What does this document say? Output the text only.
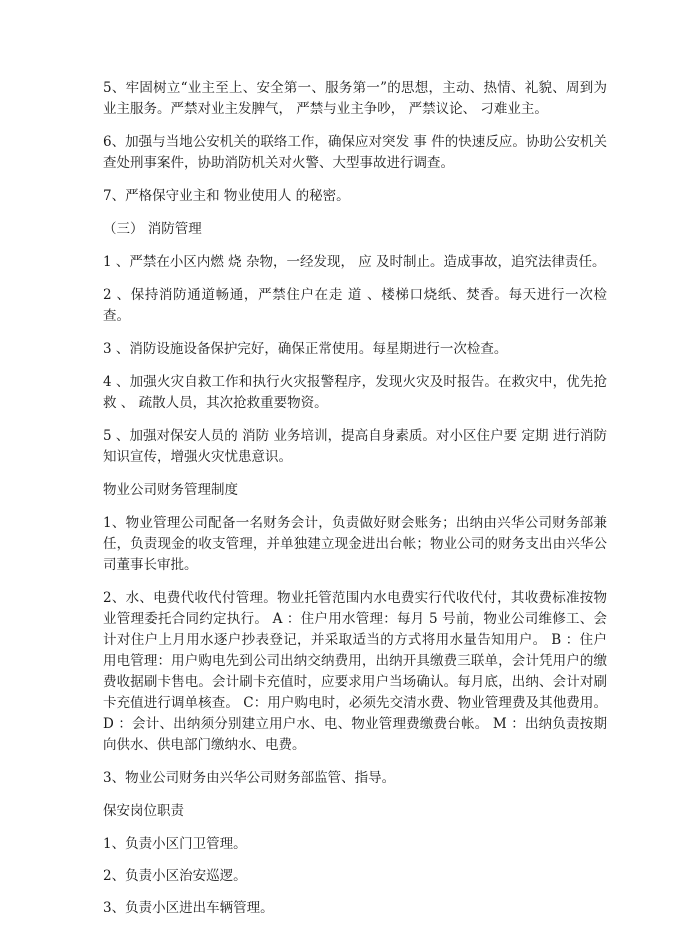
5、牢固树立“业主至上、安全第一、服务第一”的思想，主动、热情、礼貌、周到为业主服务。严禁对业主发脾气， 严禁与业主争吵， 严禁议论、 刁难业主。

6、加强与当地公安机关的联络工作，确保应对突发 事 件的快速反应。协助公安机关查处刑事案件，协助消防机关对火警、大型事故进行调查。

7、严格保守业主和 物业使用人 的秘密。

（三） 消防管理

1 、严禁在小区内燃 烧 杂物，一经发现， 应 及时制止。造成事故，追究法律责任。

2 、保持消防通道畅通，严禁住户在走 道 、楼梯口烧纸、焚香。每天进行一次检查。

3 、消防设施设备保护完好，确保正常使用。每星期进行一次检查。

4 、加强火灾自救工作和执行火灾报警程序，发现火灾及时报告。在救灾中，优先抢救 、 疏散人员，其次抢救重要物资。

5 、加强对保安人员的 消防 业务培训，提高自身素质。对小区住户要 定期 进行消防知识宣传，增强火灾忧患意识。

物业公司财务管理制度

1、物业管理公司配备一名财务会计，负责做好财会账务；出纳由兴华公司财务部兼任，负责现金的收支管理，并单独建立现金进出台帐；物业公司的财务支出由兴华公司董事长审批。

2、水、电费代收代付管理。物业托管范围内水电费实行代收代付，其收费标准按物业管理委托合同约定执行。 A ：住户用水管理：每月 5 号前，物业公司维修工、会计对住户上月用水逐户抄表登记，并采取适当的方式将用水量告知用户。 B ：住户用电管理：用户购电先到公司出纳交纳费用，出纳开具缴费三联单，会计凭用户的缴费收据刷卡售电。会计刷卡充值时，应要求用户当场确认。每月底，出纳、会计对刷卡充值进行调单核查。 C：用户购电时，必须先交清水费、物业管理费及其他费用。 D ：会计、出纳须分别建立用户水、电、物业管理费缴费台帐。 M ：出纳负责按期向供水、供电部门缴纳水、电费。

3、物业公司财务由兴华公司财务部监管、指导。

保安岗位职责

1、负责小区门卫管理。

2、负责小区治安巡逻。

3、负责小区进出车辆管理。
